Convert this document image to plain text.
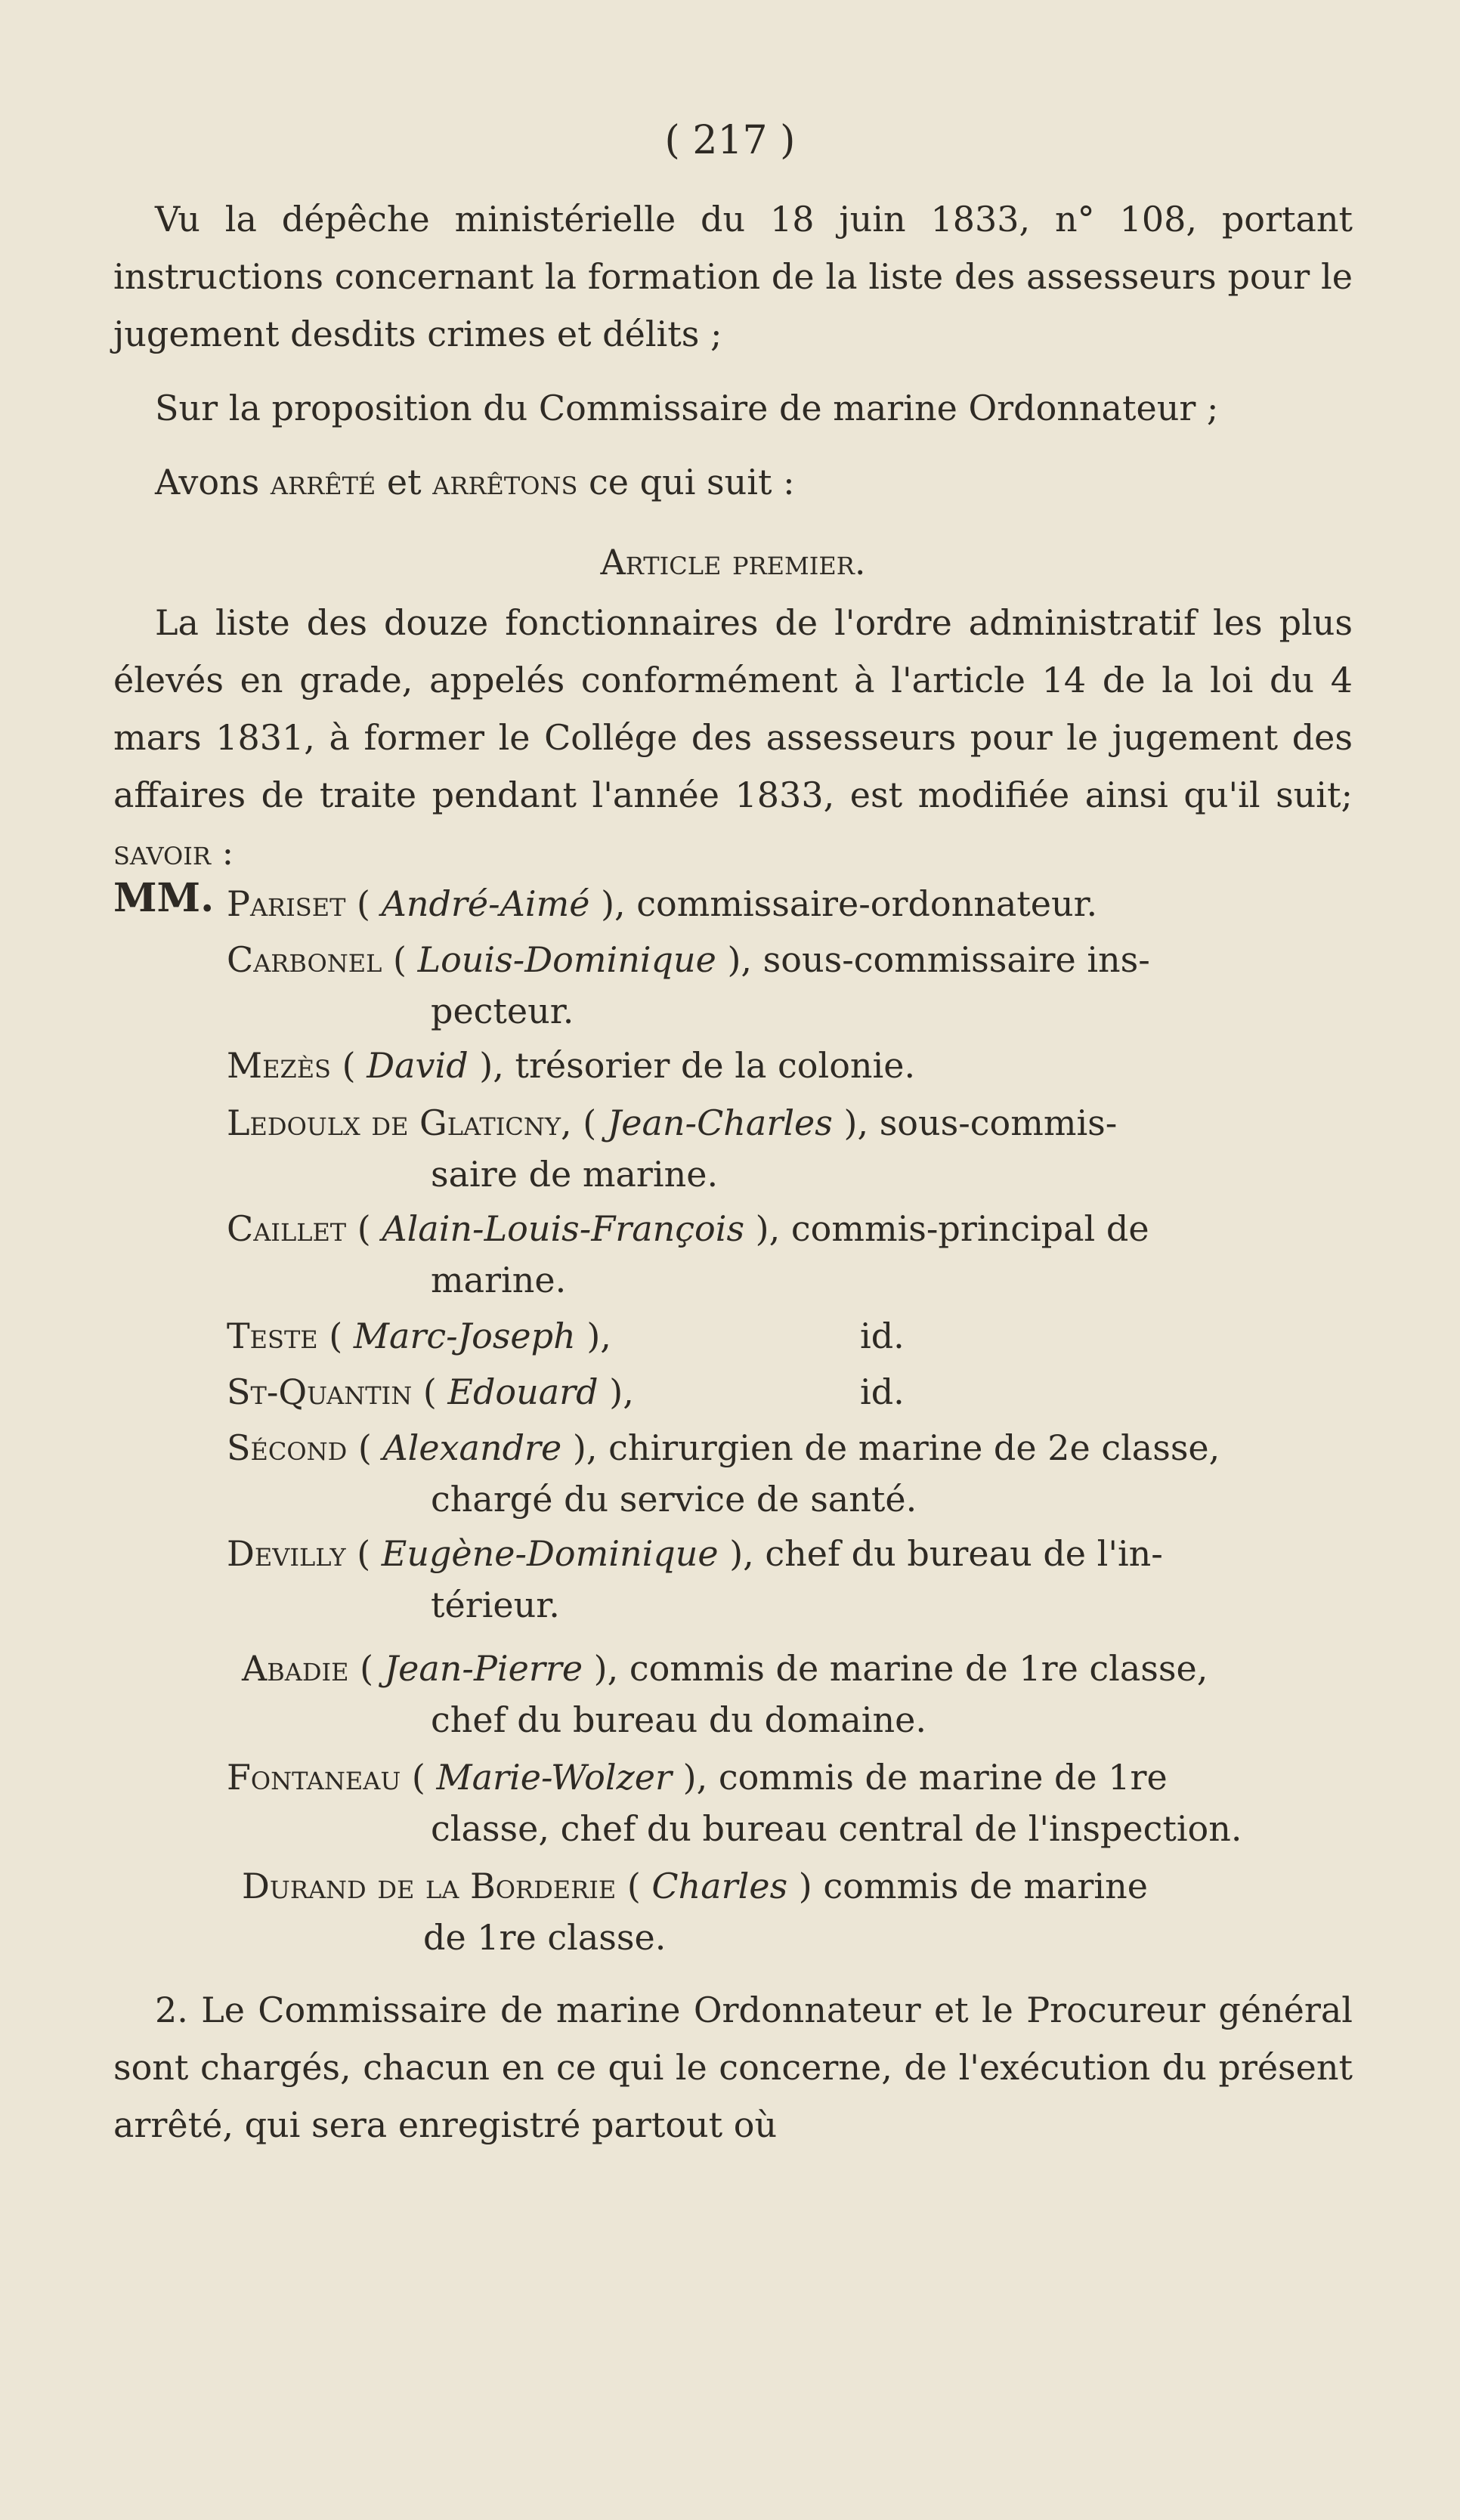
( 217 )

Vu la dépêche ministérielle du 18 juin 1833, n° 108, portant instructions concernant la formation de la liste des assesseurs pour le jugement desdits crimes et délits ;

Sur la proposition du Commissaire de marine Ordonnateur ;

Avons arrêté et arrêtons ce qui suit :

Article premier.

La liste des douze fonctionnaires de l'ordre administratif les plus élevés en grade, appelés conformément à l'article 14 de la loi du 4 mars 1831, à former le Collége des assesseurs pour le jugement des affaires de traite pendant l'année 1833, est modifiée ainsi qu'il suit; savoir :

MM. Pariset ( André-Aimé ), commissaire-ordonnateur.

Carbonel ( Louis-Dominique ), sous-commissaire ins-
pecteur.

Mezès ( David ), trésorier de la colonie.

Ledoulx de Glaticny, ( Jean-Charles ), sous-commis-
saire de marine.

Caillet ( Alain-Louis-François ), commis-principal de
marine.

Teste ( Marc-Joseph ),	id.

St-Quantin ( Edouard ),	id.

Sécond ( Alexandre ), chirurgien de marine de 2e classe,
chargé du service de santé.

Devilly ( Eugène-Dominique ), chef du bureau de l'in-
térieur.

Abadie ( Jean-Pierre ), commis de marine de 1re classe,
chef du bureau du domaine.

Fontaneau ( Marie-Wolzer ), commis de marine de 1re
classe, chef du bureau central de l'inspection.

Durand de la Borderie ( Charles ) commis de marine
de 1re classe.

2. Le Commissaire de marine Ordonnateur et le Procureur général sont chargés, chacun en ce qui le concerne, de l'exécution du présent arrêté, qui sera enregistré partout où
